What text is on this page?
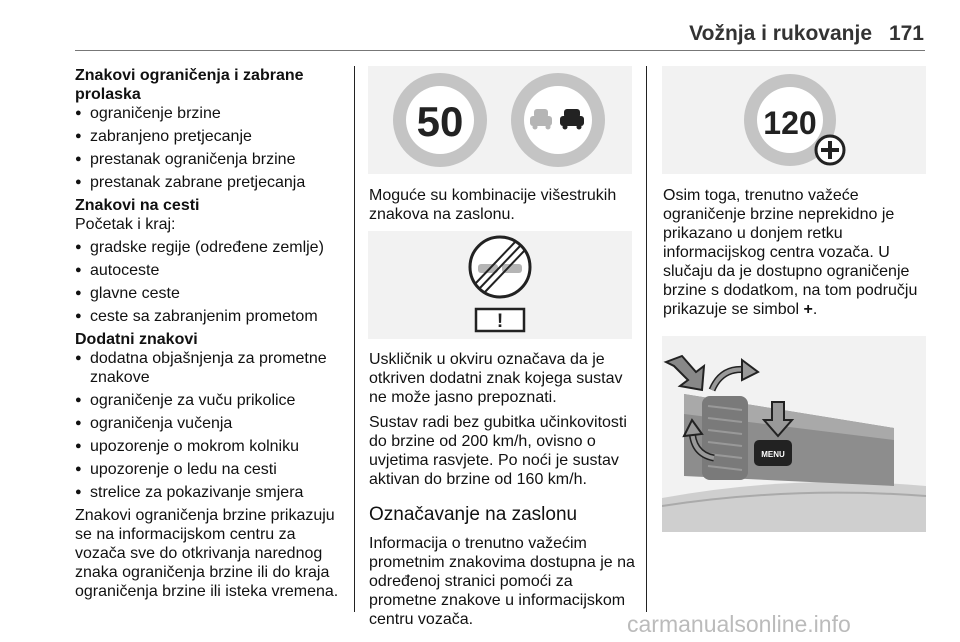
Vožnja i rukovanje 171
Znakovi ograničenja i zabrane prolaska
● ograničenje brzine
● zabranjeno pretjecanje
● prestanak ograničenja brzine
● prestanak zabrane pretjecanja
Znakovi na cesti
Početak i kraj:
● gradske regije (određene zemlje)
● autoceste
● glavne ceste
● ceste sa zabranjenim prometom
Dodatni znakovi
● dodatna objašnjenja za prometne znakove
● ograničenje za vuču prikolice
● ograničenja vučenja
● upozorenje o mokrom kolniku
● upozorenje o ledu na cesti
● strelice za pokazivanje smjera
Znakovi ograničenja brzine prikazuju se na informacijskom centru za vozača sve do otkrivanja narednog znaka ograničenja brzine ili do kraja ograničenja brzine ili isteka vremena.
50
Moguće su kombinacije višestrukih znakova na zaslonu.
!
Uskličnik u okviru označava da je otkriven dodatni znak kojega sustav ne može jasno prepoznati.
Sustav radi bez gubitka učinkovitosti do brzine od 200 km/h, ovisno o uvjetima rasvjete. Po noći je sustav aktivan do brzine od 160 km/h.
Označavanje na zaslonu
Informacija o trenutno važećim prometnim znakovima dostupna je na određenoj stranici pomoći za prometne znakove u informacijskom centru vozača.
120
Osim toga, trenutno važeće ograničenje brzine neprekidno je prikazano u donjem retku informacijskog centra vozača. U slučaju da je dostupno ograničenje brzine s dodatkom, na tom području prikazuje se simbol +.
MENU
carmanualsonline.info
